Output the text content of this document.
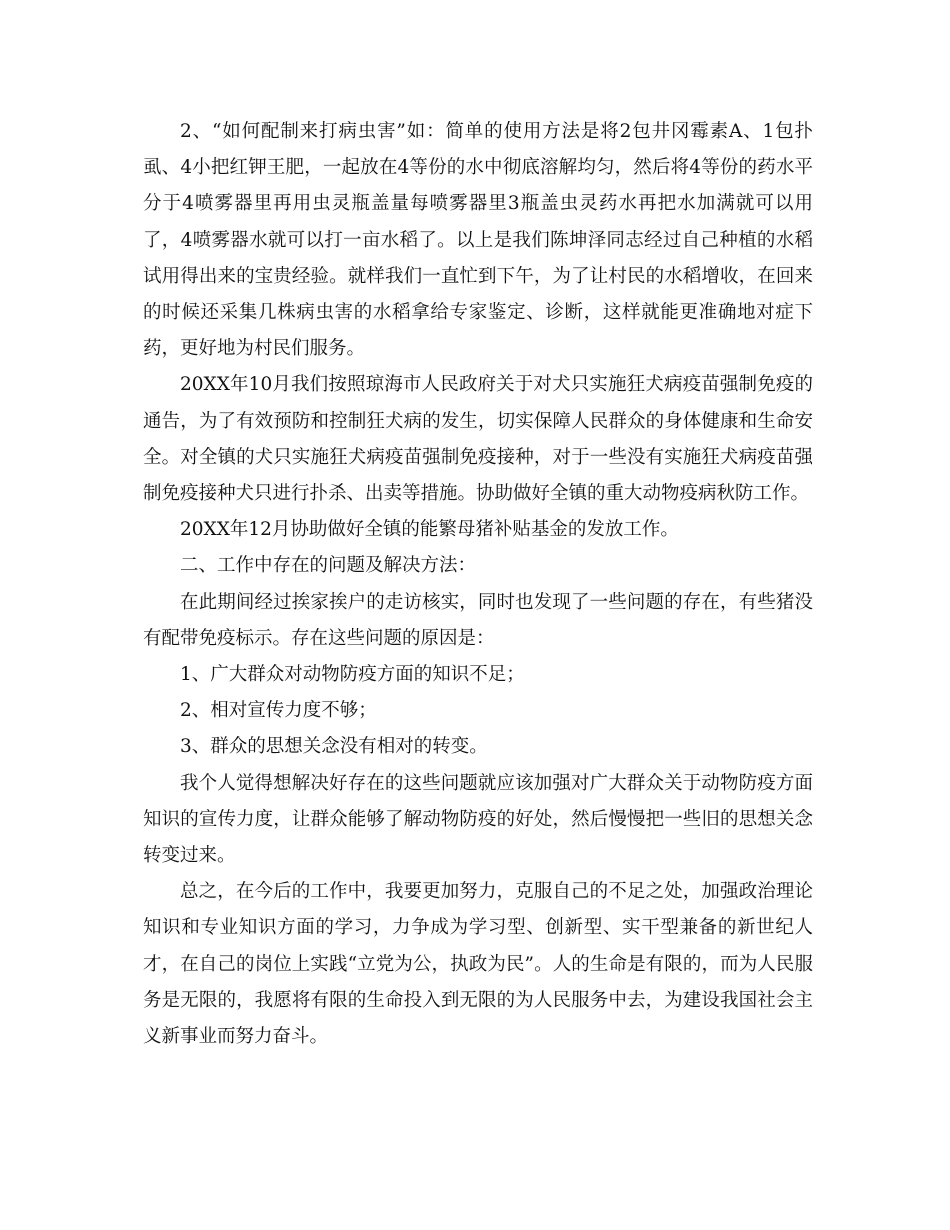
2、“如何配制来打病虫害”如：简单的使用方法是将2包井冈霉素A、1包扑虱、4小把红钾王肥，一起放在4等份的水中彻底溶解均匀，然后将4等份的药水平分于4喷雾器里再用虫灵瓶盖量每喷雾器里3瓶盖虫灵药水再把水加满就可以用了，4喷雾器水就可以打一亩水稻了。以上是我们陈坤泽同志经过自己种植的水稻试用得出来的宝贵经验。就样我们一直忙到下午，为了让村民的水稻增收，在回来的时候还采集几株病虫害的水稻拿给专家鉴定、诊断，这样就能更准确地对症下药，更好地为村民们服务。

20XX年10月我们按照琼海市人民政府关于对犬只实施狂犬病疫苗强制免疫的通告，为了有效预防和控制狂犬病的发生，切实保障人民群众的身体健康和生命安全。对全镇的犬只实施狂犬病疫苗强制免疫接种，对于一些没有实施狂犬病疫苗强制免疫接种犬只进行扑杀、出卖等措施。协助做好全镇的重大动物疫病秋防工作。

20XX年12月协助做好全镇的能繁母猪补贴基金的发放工作。

二、工作中存在的问题及解决方法：

在此期间经过挨家挨户的走访核实，同时也发现了一些问题的存在，有些猪没有配带免疫标示。存在这些问题的原因是：

1、广大群众对动物防疫方面的知识不足；

2、相对宣传力度不够；

3、群众的思想关念没有相对的转变。

我个人觉得想解决好存在的这些问题就应该加强对广大群众关于动物防疫方面知识的宣传力度，让群众能够了解动物防疫的好处，然后慢慢把一些旧的思想关念转变过来。

总之，在今后的工作中，我要更加努力，克服自己的不足之处，加强政治理论知识和专业知识方面的学习，力争成为学习型、创新型、实干型兼备的新世纪人才，在自己的岗位上实践“立党为公，执政为民”。人的生命是有限的，而为人民服务是无限的，我愿将有限的生命投入到无限的为人民服务中去，为建设我国社会主义新事业而努力奋斗。
